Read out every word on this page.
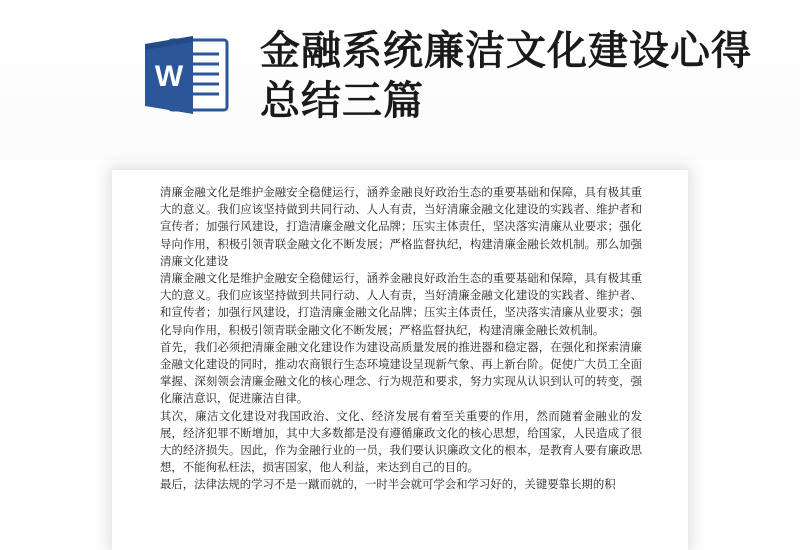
W
金融系统廉洁文化建设心得总结三篇

清廉金融文化是维护金融安全稳健运行，涵养金融良好政治生态的重要基础和保障，具有极其重大的意义。我们应该坚持做到共同行动、人人有责，当好清廉金融文化建设的实践者、维护者和宣传者；加强行风建设，打造清廉金融文化品牌；压实主体责任，坚决落实清廉从业要求；强化导向作用，积极引领青联金融文化不断发展；严格监督执纪，构建清廉金融长效机制。那么加强清廉文化建设

清廉金融文化是维护金融安全稳健运行，涵养金融良好政治生态的重要基础和保障，具有极其重大的意义。我们应该坚持做到共同行动、人人有责，当好清廉金融文化建设的实践者、维护者、和宣传者；加强行风建设，打造清廉金融文化品牌；压实主体责任，坚决落实清廉从业要求；强化导向作用，积极引领青联金融文化不断发展；严格监督执纪，构建清廉金融长效机制。

首先，我们必须把清廉金融文化建设作为建设高质量发展的推进器和稳定器，在强化和探索清廉金融文化建设的同时，推动农商银行生态环境建设呈现新气象、再上新台阶。促使广大员工全面掌握、深刻领会清廉金融文化的核心理念、行为规范和要求，努力实现从认识到认可的转变，强化廉洁意识，促进廉洁自律。

其次，廉洁文化建设对我国政治、文化、经济发展有着至关重要的作用，然而随着金融业的发展，经济犯罪不断增加，其中大多数都是没有遵循廉政文化的核心思想，给国家，人民造成了很大的经济损失。因此，作为金融行业的一员，我们要认识廉政文化的根本，是教育人要有廉政思想，不能徇私枉法，损害国家，他人利益，来达到自己的目的。

最后，法律法规的学习不是一蹴而就的，一时半会就可学会和学习好的，关键要靠长期的积
